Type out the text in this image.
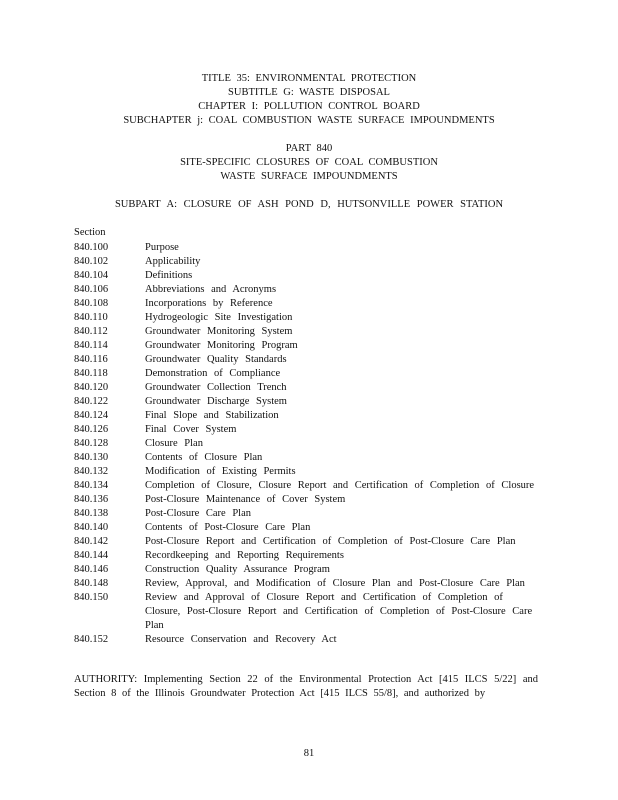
TITLE 35: ENVIRONMENTAL PROTECTION
SUBTITLE G: WASTE DISPOSAL
CHAPTER I: POLLUTION CONTROL BOARD
SUBCHAPTER j: COAL COMBUSTION WASTE SURFACE IMPOUNDMENTS
PART 840
SITE-SPECIFIC CLOSURES OF COAL COMBUSTION
WASTE SURFACE IMPOUNDMENTS
SUBPART A: CLOSURE OF ASH POND D, HUTSONVILLE POWER STATION
Section
840.100	Purpose
840.102	Applicability
840.104	Definitions
840.106	Abbreviations and Acronyms
840.108	Incorporations by Reference
840.110	Hydrogeologic Site Investigation
840.112	Groundwater Monitoring System
840.114	Groundwater Monitoring Program
840.116	Groundwater Quality Standards
840.118	Demonstration of Compliance
840.120	Groundwater Collection Trench
840.122	Groundwater Discharge System
840.124	Final Slope and Stabilization
840.126	Final Cover System
840.128	Closure Plan
840.130	Contents of Closure Plan
840.132	Modification of Existing Permits
840.134	Completion of Closure, Closure Report and Certification of Completion of Closure
840.136	Post-Closure Maintenance of Cover System
840.138	Post-Closure Care Plan
840.140	Contents of Post-Closure Care Plan
840.142	Post-Closure Report and Certification of Completion of Post-Closure Care Plan
840.144	Recordkeeping and Reporting Requirements
840.146	Construction Quality Assurance Program
840.148	Review, Approval, and Modification of Closure Plan and Post-Closure Care Plan
840.150	Review and Approval of Closure Report and Certification of Completion of Closure, Post-Closure Report and Certification of Completion of Post-Closure Care Plan
840.152	Resource Conservation and Recovery Act
AUTHORITY: Implementing Section 22 of the Environmental Protection Act [415 ILCS 5/22] and Section 8 of the Illinois Groundwater Protection Act [415 ILCS 55/8], and authorized by
81
